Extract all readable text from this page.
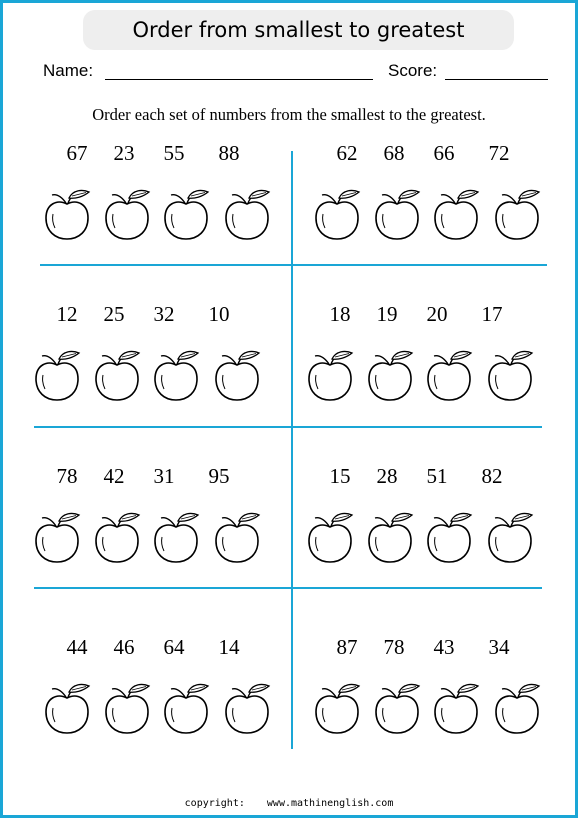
Order from smallest to greatest
Name:	Score:
Order each set of numbers from the smallest to the greatest.
67	23	55	88	62	68	66	72
12	25	32	10	18	19	20	17
78	42	31	95	15	28	51	82
44	46	64	14	87	78	43	34
copyright: www.mathinenglish.com
